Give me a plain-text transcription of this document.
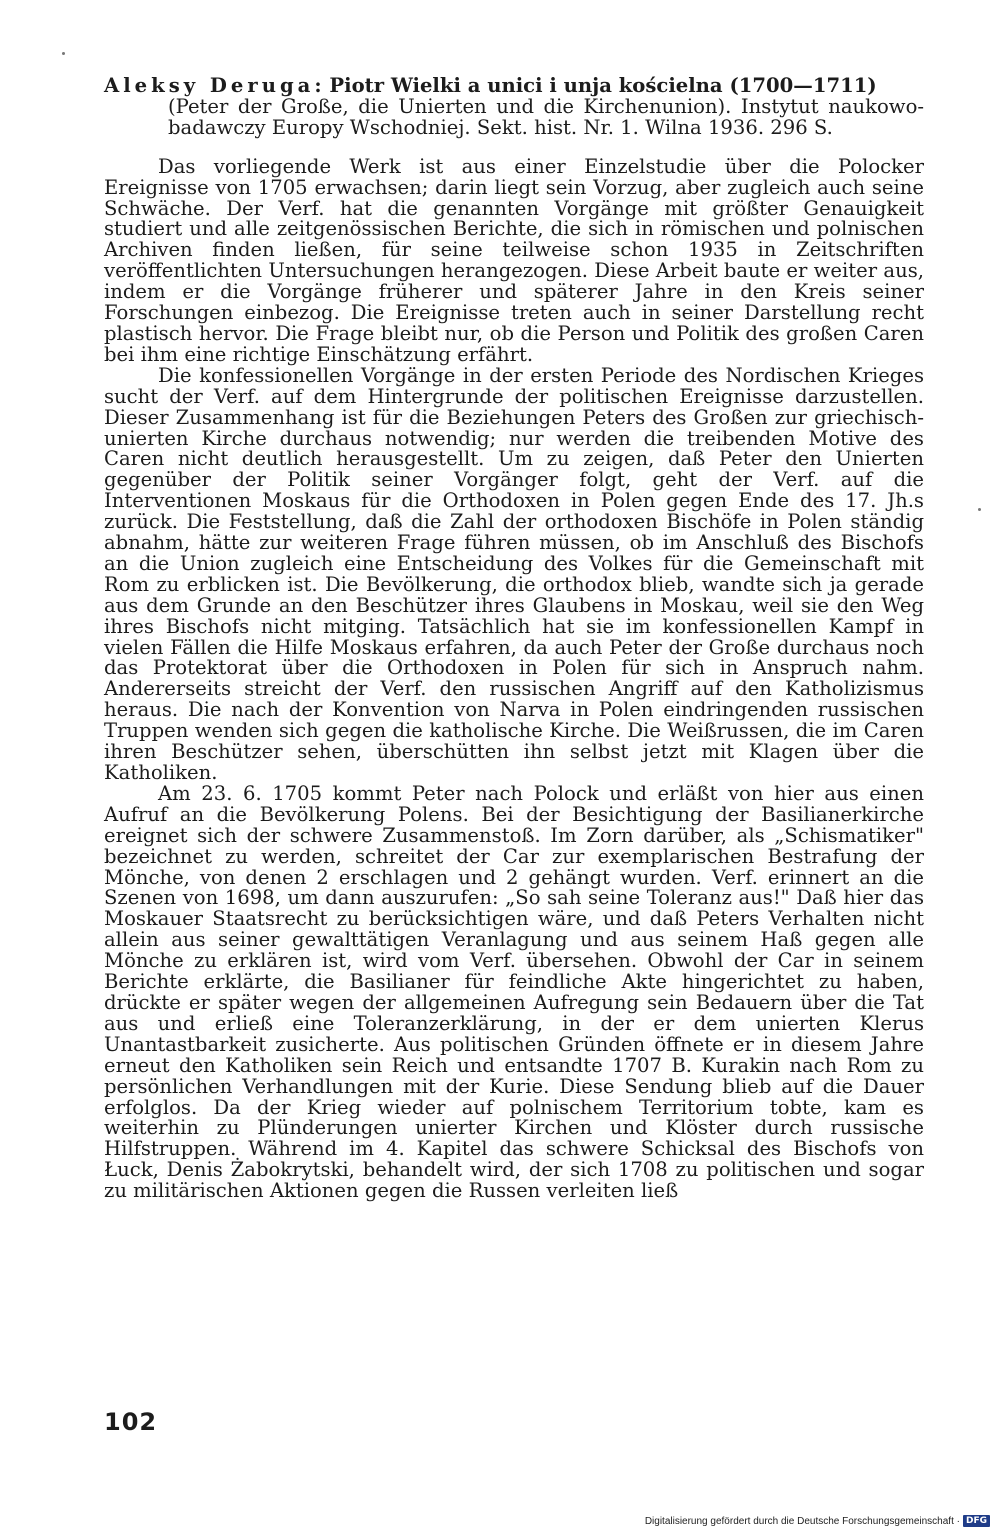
Aleksy Deruga: Piotr Wielki a unici i unja kościelna (1700—1711)
(Peter der Große, die Unierten und die Kirchenunion). Instytut naukowo-badawczy Europy Wschodniej. Sekt. hist. Nr. 1. Wilna 1936. 296 S.

Das vorliegende Werk ist aus einer Einzelstudie über die Polocker Ereignisse von 1705 erwachsen; darin liegt sein Vorzug, aber zugleich auch seine Schwäche. Der Verf. hat die genannten Vorgänge mit größter Genauigkeit studiert und alle zeitgenössischen Berichte, die sich in römischen und polnischen Archiven finden ließen, für seine teilweise schon 1935 in Zeitschriften veröffentlichten Untersuchungen herangezogen. Diese Arbeit baute er weiter aus, indem er die Vorgänge früherer und späterer Jahre in den Kreis seiner Forschungen einbezog. Die Ereignisse treten auch in seiner Darstellung recht plastisch hervor. Die Frage bleibt nur, ob die Person und Politik des großen Caren bei ihm eine richtige Einschätzung erfährt.

Die konfessionellen Vorgänge in der ersten Periode des Nordischen Krieges sucht der Verf. auf dem Hintergrunde der politischen Ereignisse darzustellen. Dieser Zusammenhang ist für die Beziehungen Peters des Großen zur griechisch-unierten Kirche durchaus notwendig; nur werden die treibenden Motive des Caren nicht deutlich herausgestellt. Um zu zeigen, daß Peter den Unierten gegenüber der Politik seiner Vorgänger folgt, geht der Verf. auf die Interventionen Moskaus für die Orthodoxen in Polen gegen Ende des 17. Jh.s zurück. Die Feststellung, daß die Zahl der orthodoxen Bischöfe in Polen ständig abnahm, hätte zur weiteren Frage führen müssen, ob im Anschluß des Bischofs an die Union zugleich eine Entscheidung des Volkes für die Gemeinschaft mit Rom zu erblicken ist. Die Bevölkerung, die orthodox blieb, wandte sich ja gerade aus dem Grunde an den Beschützer ihres Glaubens in Moskau, weil sie den Weg ihres Bischofs nicht mitging. Tatsächlich hat sie im konfessionellen Kampf in vielen Fällen die Hilfe Moskaus erfahren, da auch Peter der Große durchaus noch das Protektorat über die Orthodoxen in Polen für sich in Anspruch nahm. Andererseits streicht der Verf. den russischen Angriff auf den Katholizismus heraus. Die nach der Konvention von Narva in Polen eindringenden russischen Truppen wenden sich gegen die katholische Kirche. Die Weißrussen, die im Caren ihren Beschützer sehen, überschütten ihn selbst jetzt mit Klagen über die Katholiken.

Am 23. 6. 1705 kommt Peter nach Polock und erläßt von hier aus einen Aufruf an die Bevölkerung Polens. Bei der Besichtigung der Basilianerkirche ereignet sich der schwere Zusammenstoß. Im Zorn darüber, als „Schismatiker" bezeichnet zu werden, schreitet der Car zur exemplarischen Bestrafung der Mönche, von denen 2 erschlagen und 2 gehängt wurden. Verf. erinnert an die Szenen von 1698, um dann auszurufen: „So sah seine Toleranz aus!" Daß hier das Moskauer Staatsrecht zu berücksichtigen wäre, und daß Peters Verhalten nicht allein aus seiner gewalttätigen Veranlagung und aus seinem Haß gegen alle Mönche zu erklären ist, wird vom Verf. übersehen. Obwohl der Car in seinem Berichte erklärte, die Basilianer für feindliche Akte hingerichtet zu haben, drückte er später wegen der allgemeinen Aufregung sein Bedauern über die Tat aus und erließ eine Toleranzerklärung, in der er dem unierten Klerus Unantastbarkeit zusicherte. Aus politischen Gründen öffnete er in diesem Jahre erneut den Katholiken sein Reich und entsandte 1707 B. Kurakin nach Rom zu persönlichen Verhandlungen mit der Kurie. Diese Sendung blieb auf die Dauer erfolglos. Da der Krieg wieder auf polnischem Territorium tobte, kam es weiterhin zu Plünderungen unierter Kirchen und Klöster durch russische Hilfstruppen. Während im 4. Kapitel das schwere Schicksal des Bischofs von Łuck, Denis Żabokrytski, behandelt wird, der sich 1708 zu politischen und sogar zu militärischen Aktionen gegen die Russen verleiten ließ

102
Digitalisierung gefördert durch die Deutsche Forschungsgemeinschaft · DFG
